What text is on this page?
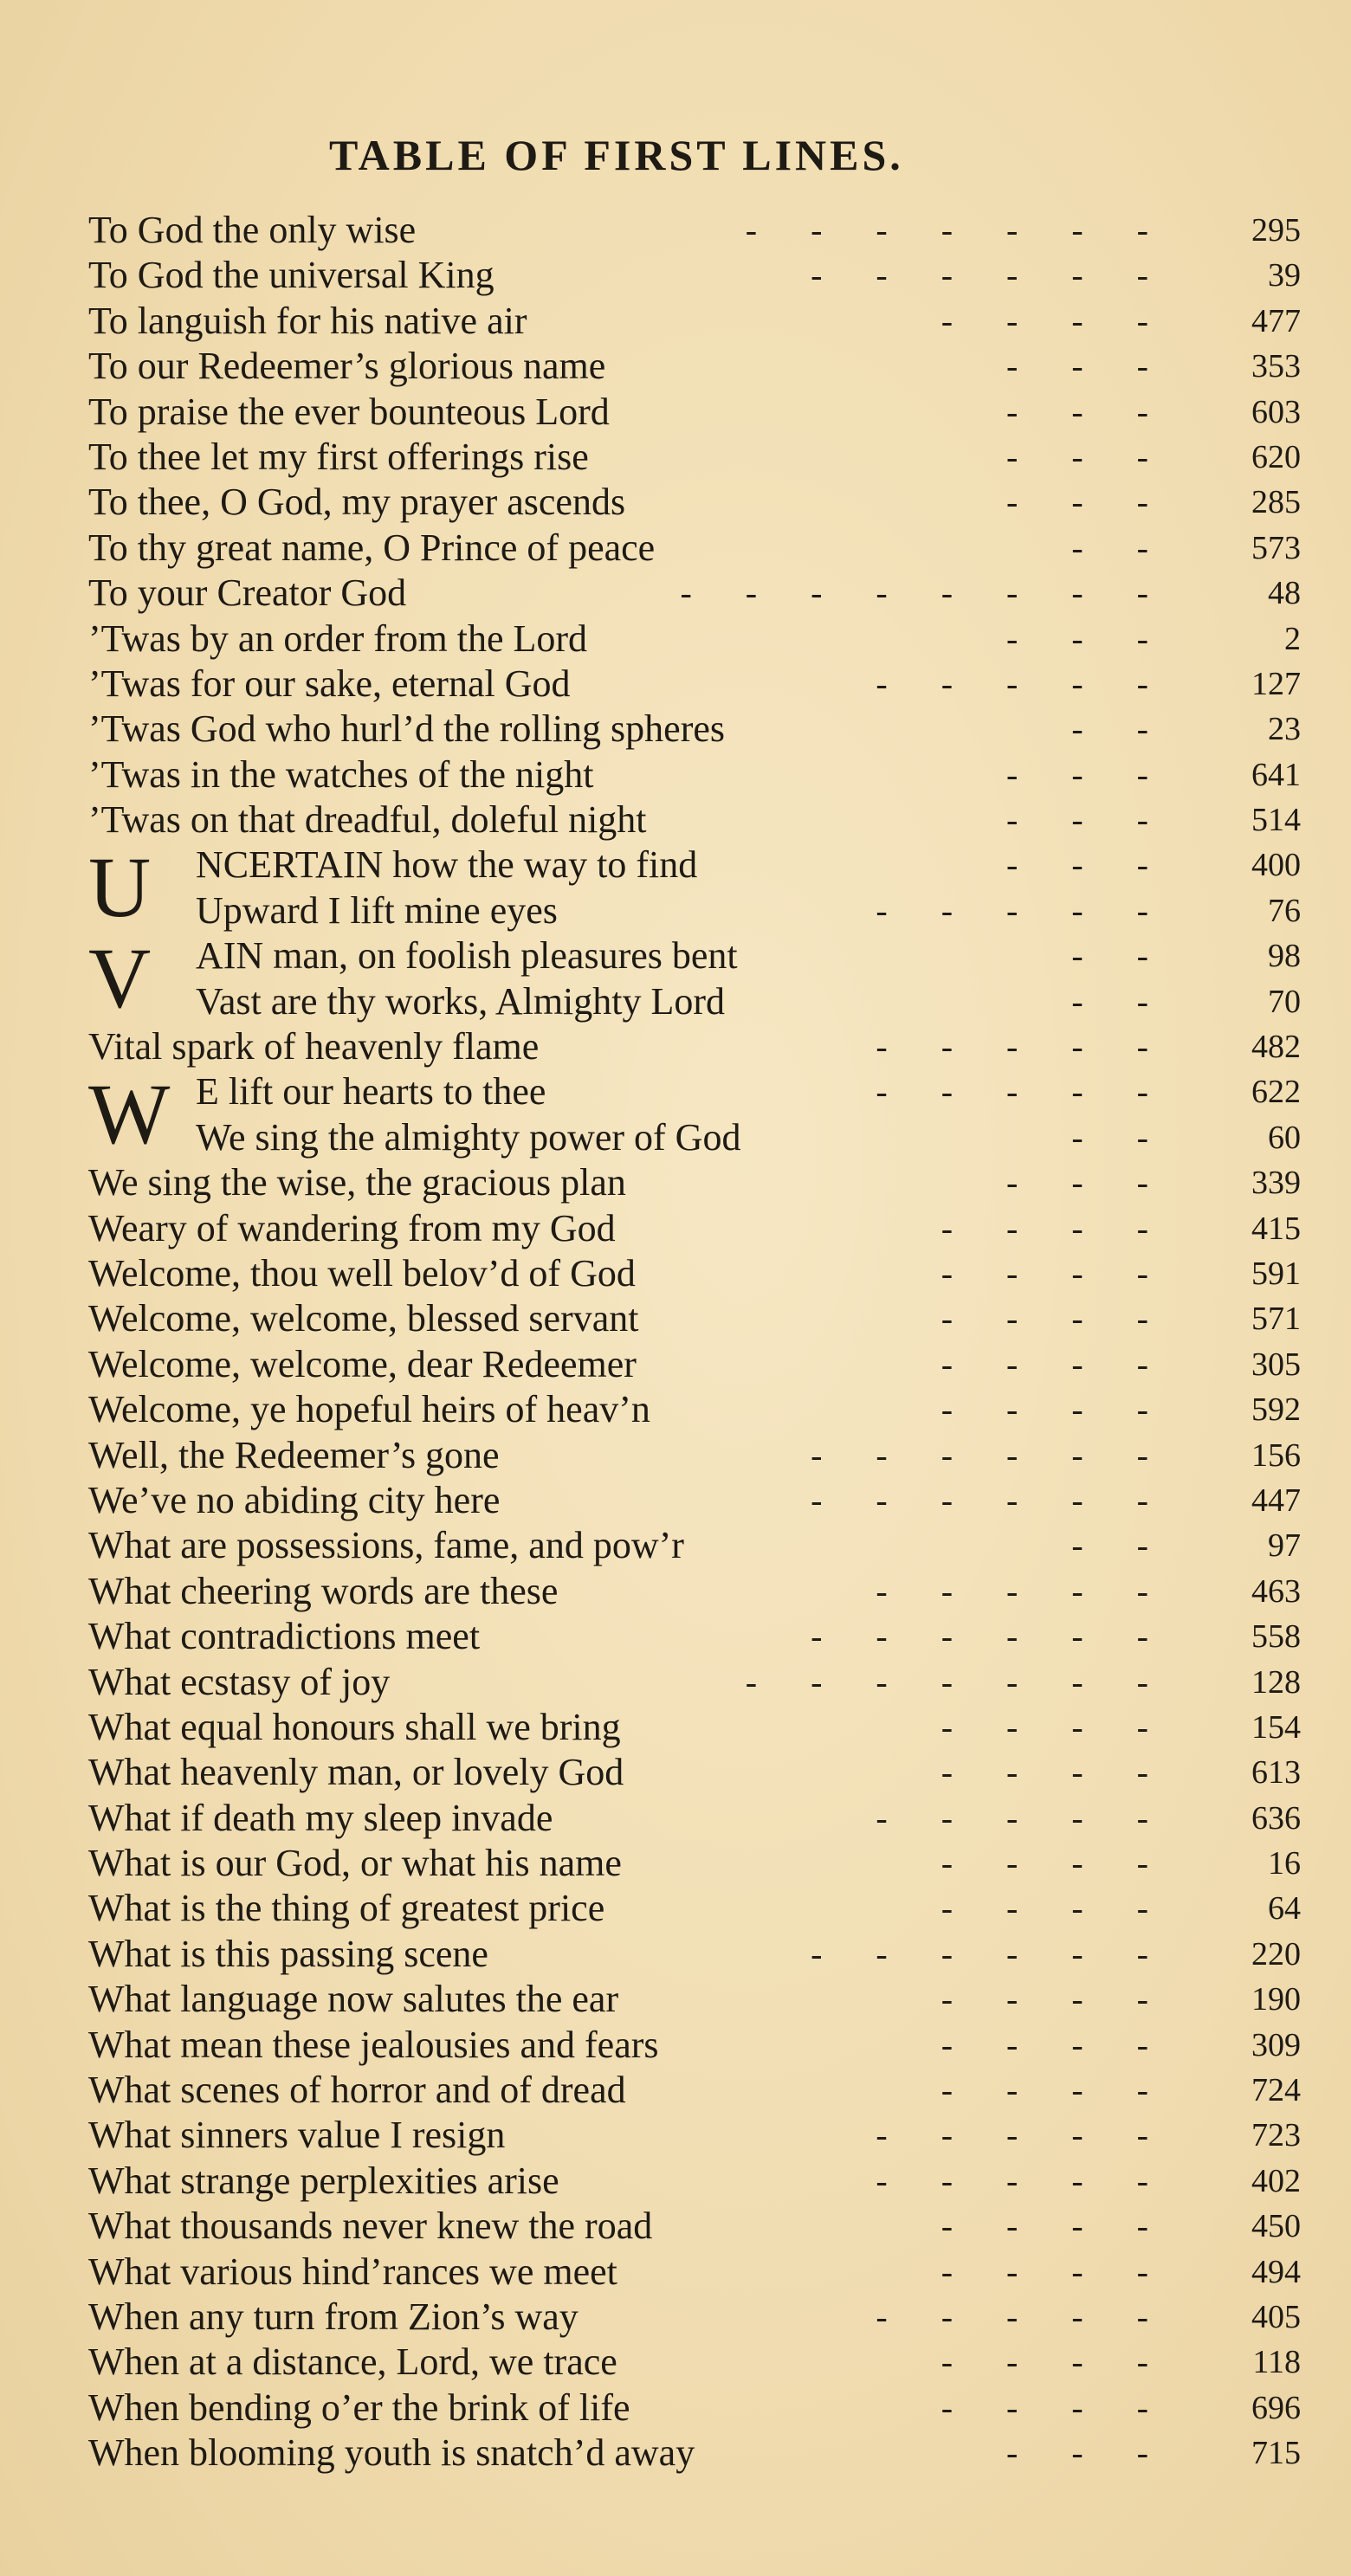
TABLE OF FIRST LINES.
To God the only wise	- - - - - - -	295
To God the universal King	- - - - - -	39
To languish for his native air	- - - -	477
To our Redeemer’s glorious name	- - -	353
To praise the ever bounteous Lord	- - -	603
To thee let my first offerings rise	- - -	620
To thee, O God, my prayer ascends	- - -	285
To thy great name, O Prince of peace	- -	573
To your Creator God	- - - - - - - -	48
’Twas by an order from the Lord	- - -	2
’Twas for our sake, eternal God	- - - - -	127
’Twas God who hurl’d the rolling spheres	- -	23
’Twas in the watches of the night	- - -	641
’Twas on that dreadful, doleful night	- - -	514
U NCERTAIN how the way to find	- - -	400
Upward I lift mine eyes	- - - - -	76
V AIN man, on foolish pleasures bent	- -	98
Vast are thy works, Almighty Lord	- -	70
Vital spark of heavenly flame	- - - - -	482
W E lift our hearts to thee	- - - - -	622
We sing the almighty power of God	- -	60
We sing the wise, the gracious plan	- - -	339
Weary of wandering from my God	- - - -	415
Welcome, thou well belov’d of God	- - - -	591
Welcome, welcome, blessed servant	- - - -	571
Welcome, welcome, dear Redeemer	- - - -	305
Welcome, ye hopeful heirs of heav’n	- - - -	592
Well, the Redeemer’s gone	- - - - - -	156
We’ve no abiding city here	- - - - - -	447
What are possessions, fame, and pow’r	- -	97
What cheering words are these	- - - - -	463
What contradictions meet	- - - - - -	558
What ecstasy of joy	- - - - - - -	128
What equal honours shall we bring	- - - -	154
What heavenly man, or lovely God	- - - -	613
What if death my sleep invade	- - - - -	636
What is our God, or what his name	- - - -	16
What is the thing of greatest price	- - - -	64
What is this passing scene	- - - - - -	220
What language now salutes the ear	- - - -	190
What mean these jealousies and fears	- - - -	309
What scenes of horror and of dread	- - - -	724
What sinners value I resign	- - - - -	723
What strange perplexities arise	- - - - -	402
What thousands never knew the road	- - - -	450
What various hind’rances we meet	- - - -	494
When any turn from Zion’s way	- - - - -	405
When at a distance, Lord, we trace	- - - -	118
When bending o’er the brink of life	- - - -	696
When blooming youth is snatch’d away	- - -	715
